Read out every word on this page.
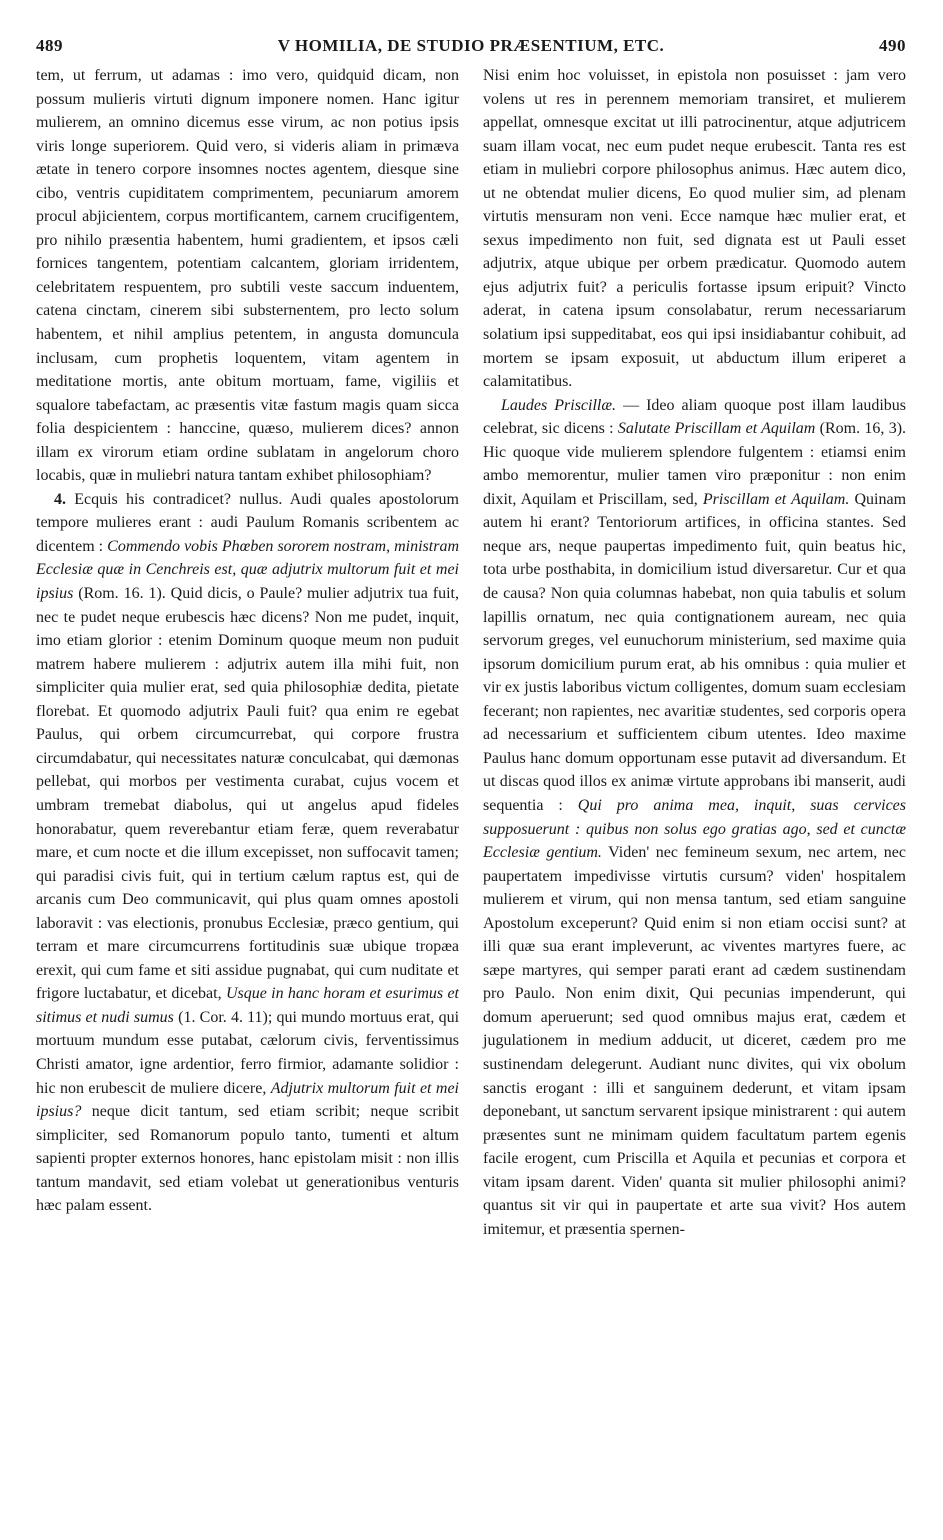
489	V HOMILIA, DE STUDIO PRÆSENTIUM, ETC.	490

tem, ut ferrum, ut adamas : imo vero, quidquid dicam, non possum mulieris virtuti dignum imponere nomen. Hanc igitur mulierem, an omnino dicemus esse virum, ac non potius ipsis viris longe superiorem. Quid vero, si videris aliam in primæva ætate in tenero corpore insomnes noctes agentem, diesque sine cibo, ventris cupiditatem comprimentem, pecuniarum amorem procul abjicientem, corpus mortificantem, carnem crucifigentem, pro nihilo præsentia habentem, humi gradientem, et ipsos cæli fornices tangentem, potentiam calcantem, gloriam irridentem, celebritatem respuentem, pro subtili veste saccum induentem, catena cinctam, cinerem sibi substernentem, pro lecto solum habentem, et nihil amplius petentem, in angusta domuncula inclusam, cum prophetis loquentem, vitam agentem in meditatione mortis, ante obitum mortuam, fame, vigiliis et squalore tabefactam, ac præsentis vitæ fastum magis quam sicca folia despicientem : hanccine, quæso, mulierem dices? annon illam ex virorum etiam ordine sublatam in angelorum choro locabis, quæ in muliebri natura tantam exhibet philosophiam?

4. Ecquis his contradicet? nullus. Audi quales apostolorum tempore mulieres erant : audi Paulum Romanis scribentem ac dicentem : Commendo vobis Phœben sororem nostram, ministram Ecclesiæ quæ in Cenchreis est, quæ adjutrix multorum fuit et mei ipsius (Rom. 16. 1). Quid dicis, o Paule? mulier adjutrix tua fuit, nec te pudet neque erubescis hæc dicens? Non me pudet, inquit, imo etiam glorior : etenim Dominum quoque meum non puduit matrem habere mulierem : adjutrix autem illa mihi fuit, non simpliciter quia mulier erat, sed quia philosophiæ dedita, pietate florebat. Et quomodo adjutrix Pauli fuit? qua enim re egebat Paulus, qui orbem circumcurrebat, qui corpore frustra circumdabatur, qui necessitates naturæ conculcabat, qui dæmonas pellebat, qui morbos per vestimenta curabat, cujus vocem et umbram tremebat diabolus, qui ut angelus apud fideles honorabatur, quem reverebantur etiam feræ, quem reverabatur mare, et cum nocte et die illum excepisset, non suffocavit tamen; qui paradisi civis fuit, qui in tertium cælum raptus est, qui de arcanis cum Deo communicavit, qui plus quam omnes apostoli laboravit : vas electionis, pronubus Ecclesiæ, præco gentium, qui terram et mare circumcurrens fortitudinis suæ ubique tropæa erexit, qui cum fame et siti assidue pugnabat, qui cum nuditate et frigore luctabatur, et dicebat, Usque in hanc horam et esurimus et sitimus et nudi sumus (1. Cor. 4. 11); qui mundo mortuus erat, qui mortuum mundum esse putabat, cælorum civis, ferventissimus Christi amator, igne ardentior, ferro firmior, adamante solidior : hic non erubescit de muliere dicere, Adjutrix multorum fuit et mei ipsius? neque dicit tantum, sed etiam scribit; neque scribit simpliciter, sed Romanorum populo tanto, tumenti et altum sapienti propter externos honores, hanc epistolam misit : non illis tantum mandavit, sed etiam volebat ut generationibus venturis hæc palam essent.

Nisi enim hoc voluisset, in epistola non posuisset : jam vero volens ut res in perennem memoriam transiret, et mulierem appellat, omnesque excitat ut illi patrocinentur, atque adjutricem suam illam vocat, nec eum pudet neque erubescit. Tanta res est etiam in muliebri corpore philosophus animus. Hæc autem dico, ut ne obtendat mulier dicens, Eo quod mulier sim, ad plenam virtutis mensuram non veni. Ecce namque hæc mulier erat, et sexus impedimento non fuit, sed dignata est ut Pauli esset adjutrix, atque ubique per orbem prædicatur. Quomodo autem ejus adjutrix fuit? a periculis fortasse ipsum eripuit? Vincto aderat, in catena ipsum consolabatur, rerum necessariarum solatium ipsi suppeditabat, eos qui ipsi insidiabantur cohibuit, ad mortem se ipsam exposuit, ut abductum illum eriperet a calamitatibus.

Laudes Priscillæ. — Ideo aliam quoque post illam laudibus celebrat, sic dicens : Salutate Priscillam et Aquilam (Rom. 16, 3). Hic quoque vide mulierem splendore fulgentem : etiamsi enim ambo memorentur, mulier tamen viro præponitur : non enim dixit, Aquilam et Priscillam, sed, Priscillam et Aquilam. Quinam autem hi erant? Tentoriorum artifices, in officina stantes. Sed neque ars, neque paupertas impedimento fuit, quin beatus hic, tota urbe posthabita, in domicilium istud diversaretur. Cur et qua de causa? Non quia columnas habebat, non quia tabulis et solum lapillis ornatum, nec quia contignationem auream, nec quia servorum greges, vel eunuchorum ministerium, sed maxime quia ipsorum domicilium purum erat, ab his omnibus : quia mulier et vir ex justis laboribus victum colligentes, domum suam ecclesiam fecerant; non rapientes, nec avaritiæ studentes, sed corporis opera ad necessarium et sufficientem cibum utentes. Ideo maxime Paulus hanc domum opportunam esse putavit ad diversandum. Et ut discas quod illos ex animæ virtute approbans ibi manserit, audi sequentia : Qui pro anima mea, inquit, suas cervices supposuerunt : quibus non solus ego gratias ago, sed et cunctæ Ecclesiæ gentium. Viden' nec femineum sexum, nec artem, nec paupertatem impedivisse virtutis cursum? viden' hospitalem mulierem et virum, qui non mensa tantum, sed etiam sanguine Apostolum exceperunt? Quid enim si non etiam occisi sunt? at illi quæ sua erant impleverunt, ac viventes martyres fuere, ac sæpe martyres, qui semper parati erant ad cædem sustinendam pro Paulo. Non enim dixit, Qui pecunias impenderunt, qui domum aperuerunt; sed quod omnibus majus erat, cædem et jugulationem in medium adducit, ut diceret, cædem pro me sustinendam delegerunt. Audiant nunc divites, qui vix obolum sanctis erogant : illi et sanguinem dederunt, et vitam ipsam deponebant, ut sanctum servarent ipsique ministrarent : qui autem præsentes sunt ne minimam quidem facultatum partem egenis facile erogent, cum Priscilla et Aquila et pecunias et corpora et vitam ipsam darent. Viden' quanta sit mulier philosophi animi? quantus sit vir qui in paupertate et arte sua vivit? Hos autem imitemur, et præsentia spernen-
